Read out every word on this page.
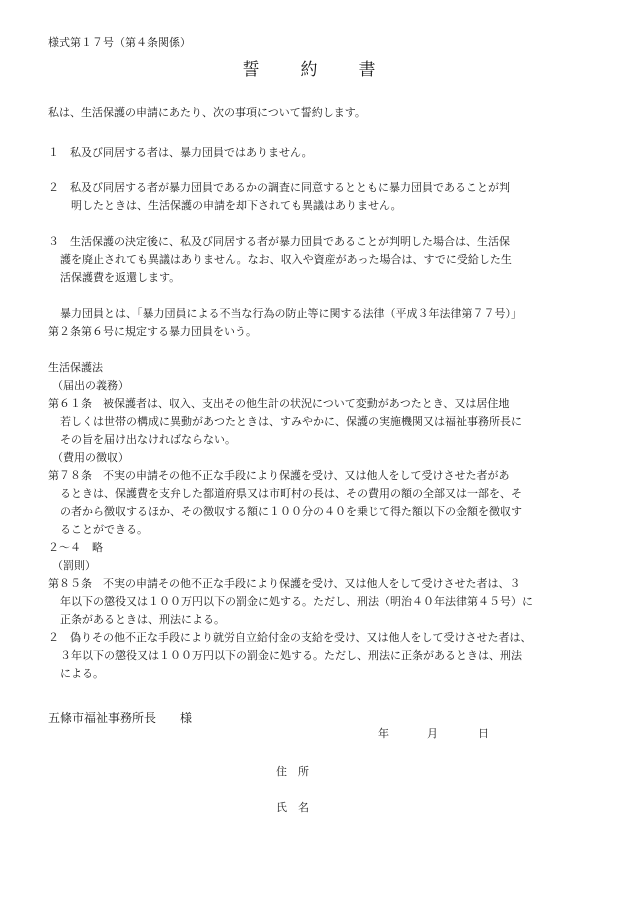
様式第１７号（第４条関係）
誓　約　書
私は、生活保護の申請にあたり、次の事項について誓約します。
１　私及び同居する者は、暴力団員ではありません。
２　私及び同居する者が暴力団員であるかの調査に同意するとともに暴力団員であることが判
明したときは、生活保護の申請を却下されても異議はありません。
３　生活保護の決定後に、私及び同居する者が暴力団員であることが判明した場合は、生活保
護を廃止されても異議はありません。なお、収入や資産があった場合は、すでに受給した生
活保護費を返還します。
暴力団員とは、「暴力団員による不当な行為の防止等に関する法律（平成３年法律第７７号）」
第２条第６号に規定する暴力団員をいう。
生活保護法
（届出の義務）
第６１条　被保護者は、収入、支出その他生計の状況について変動があつたとき、又は居住地
若しくは世帯の構成に異動があつたときは、すみやかに、保護の実施機関又は福祉事務所長に
その旨を届け出なければならない。
（費用の徴収）
第７８条　不実の申請その他不正な手段により保護を受け、又は他人をして受けさせた者があ
るときは、保護費を支弁した都道府県又は市町村の長は、その費用の額の全部又は一部を、そ
の者から徴収するほか、その徴収する額に１００分の４０を乗じて得た額以下の金額を徴収す
ることができる。
２～４　略
（罰則）
第８５条　不実の申請その他不正な手段により保護を受け、又は他人をして受けさせた者は、３
年以下の懲役又は１００万円以下の罰金に処する。ただし、刑法（明治４０年法律第４５号）に
正条があるときは、刑法による。
２　偽りその他不正な手段により就労自立給付金の支給を受け、又は他人をして受けさせた者は、
３年以下の懲役又は１００万円以下の罰金に処する。ただし、刑法に正条があるときは、刑法
による。
五條市福祉事務所長　　様
年	月	日
住　所
氏　名
